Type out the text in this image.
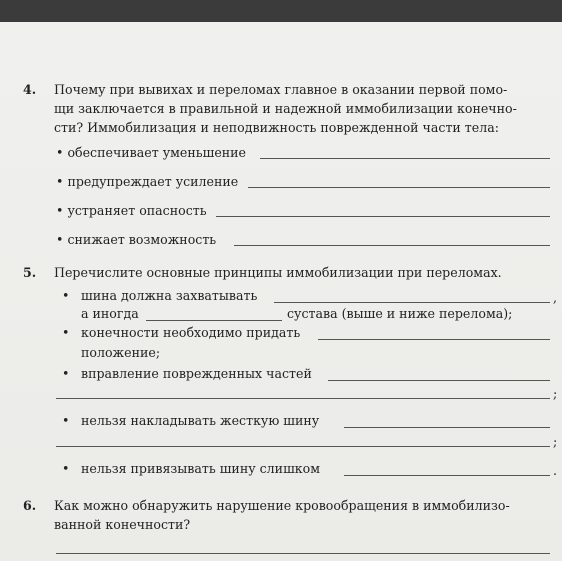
4. Почему при вывихах и переломах главное в оказании первой помо-
щи заключается в правильной и надежной иммобилизации конечно-
сти? Иммобилизация и неподвижность поврежденной части тела:
• обеспечивает уменьшение
• предупреждает усиление
• устраняет опасность
• снижает возможность
5. Перечислите основные принципы иммобилизации при переломах.
• шина должна захватывать	,
а иногда	сустава (выше и ниже перелома);
• конечности необходимо придать
положение;
• вправление поврежденных частей
;
• нельзя накладывать жесткую шину
;
• нельзя привязывать шину слишком	.
6. Как можно обнаружить нарушение кровообращения в иммобилизо-
ванной конечности?
